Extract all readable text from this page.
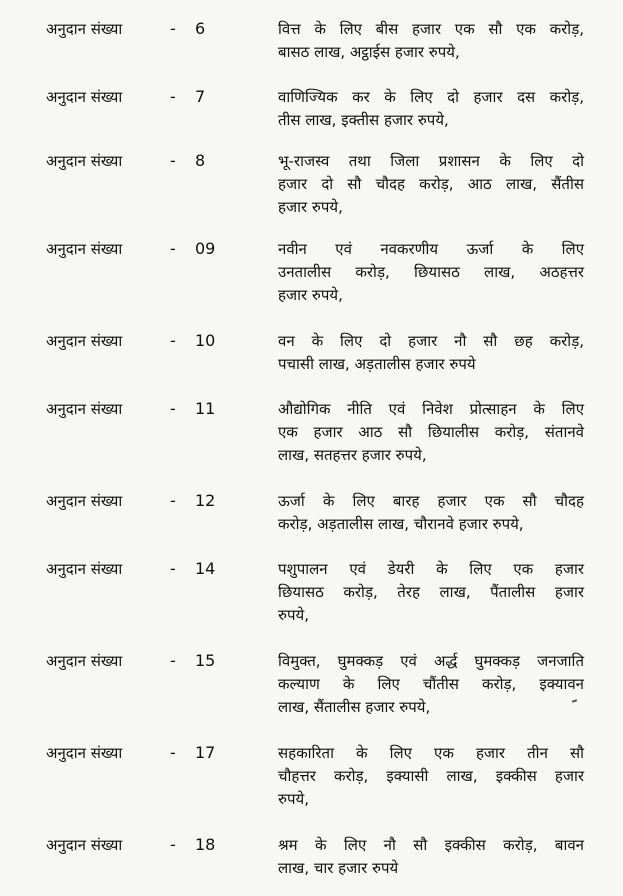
अनुदान संख्या	- 6	वित्त के लिए बीस हजार एक सौ एक करोड़,
बासठ लाख, अट्ठाईस हजार रुपये,
अनुदान संख्या	- 7	वाणिज्यिक कर के लिए दो हजार दस करोड़,
तीस लाख, इक्तीस हजार रुपये,
अनुदान संख्या	- 8	भू-राजस्व तथा जिला प्रशासन के लिए दो
हजार दो सौ चौदह करोड़, आठ लाख, सैंतीस
हजार रुपये,
अनुदान संख्या	- 09	नवीन एवं नवकरणीय ऊर्जा के लिए
उनतालीस करोड़, छियासठ लाख, अठहत्तर
हजार रुपये,
अनुदान संख्या	- 10	वन के लिए दो हजार नौ सौ छह करोड़,
पचासी लाख, अड़तालीस हजार रुपये
अनुदान संख्या	- 11	औद्योगिक नीति एवं निवेश प्रोत्साहन के लिए
एक हजार आठ सौ छियालीस करोड़, संतानवे
लाख, सतहत्तर हजार रुपये,
अनुदान संख्या	- 12	ऊर्जा के लिए बारह हजार एक सौ चौदह
करोड़, अड़तालीस लाख, चौरानवे हजार रुपये,
अनुदान संख्या	- 14	पशुपालन एवं डेयरी के लिए एक हजार
छियासठ करोड़, तेरह लाख, पैंतालीस हजार
रुपये,
अनुदान संख्या	- 15	विमुक्त, घुमक्कड़ एवं अर्द्ध घुमक्कड़ जनजाति
कल्याण के लिए चौंतीस करोड़, इक्यावन
लाख, सैंतालीस हजार रुपये,
अनुदान संख्या	- 17	सहकारिता के लिए एक हजार तीन सौ
चौहत्तर करोड़, इक्यासी लाख, इक्कीस हजार
रुपये,
अनुदान संख्या	- 18	श्रम के लिए नौ सौ इक्कीस करोड़, बावन
लाख, चार हजार रुपये
